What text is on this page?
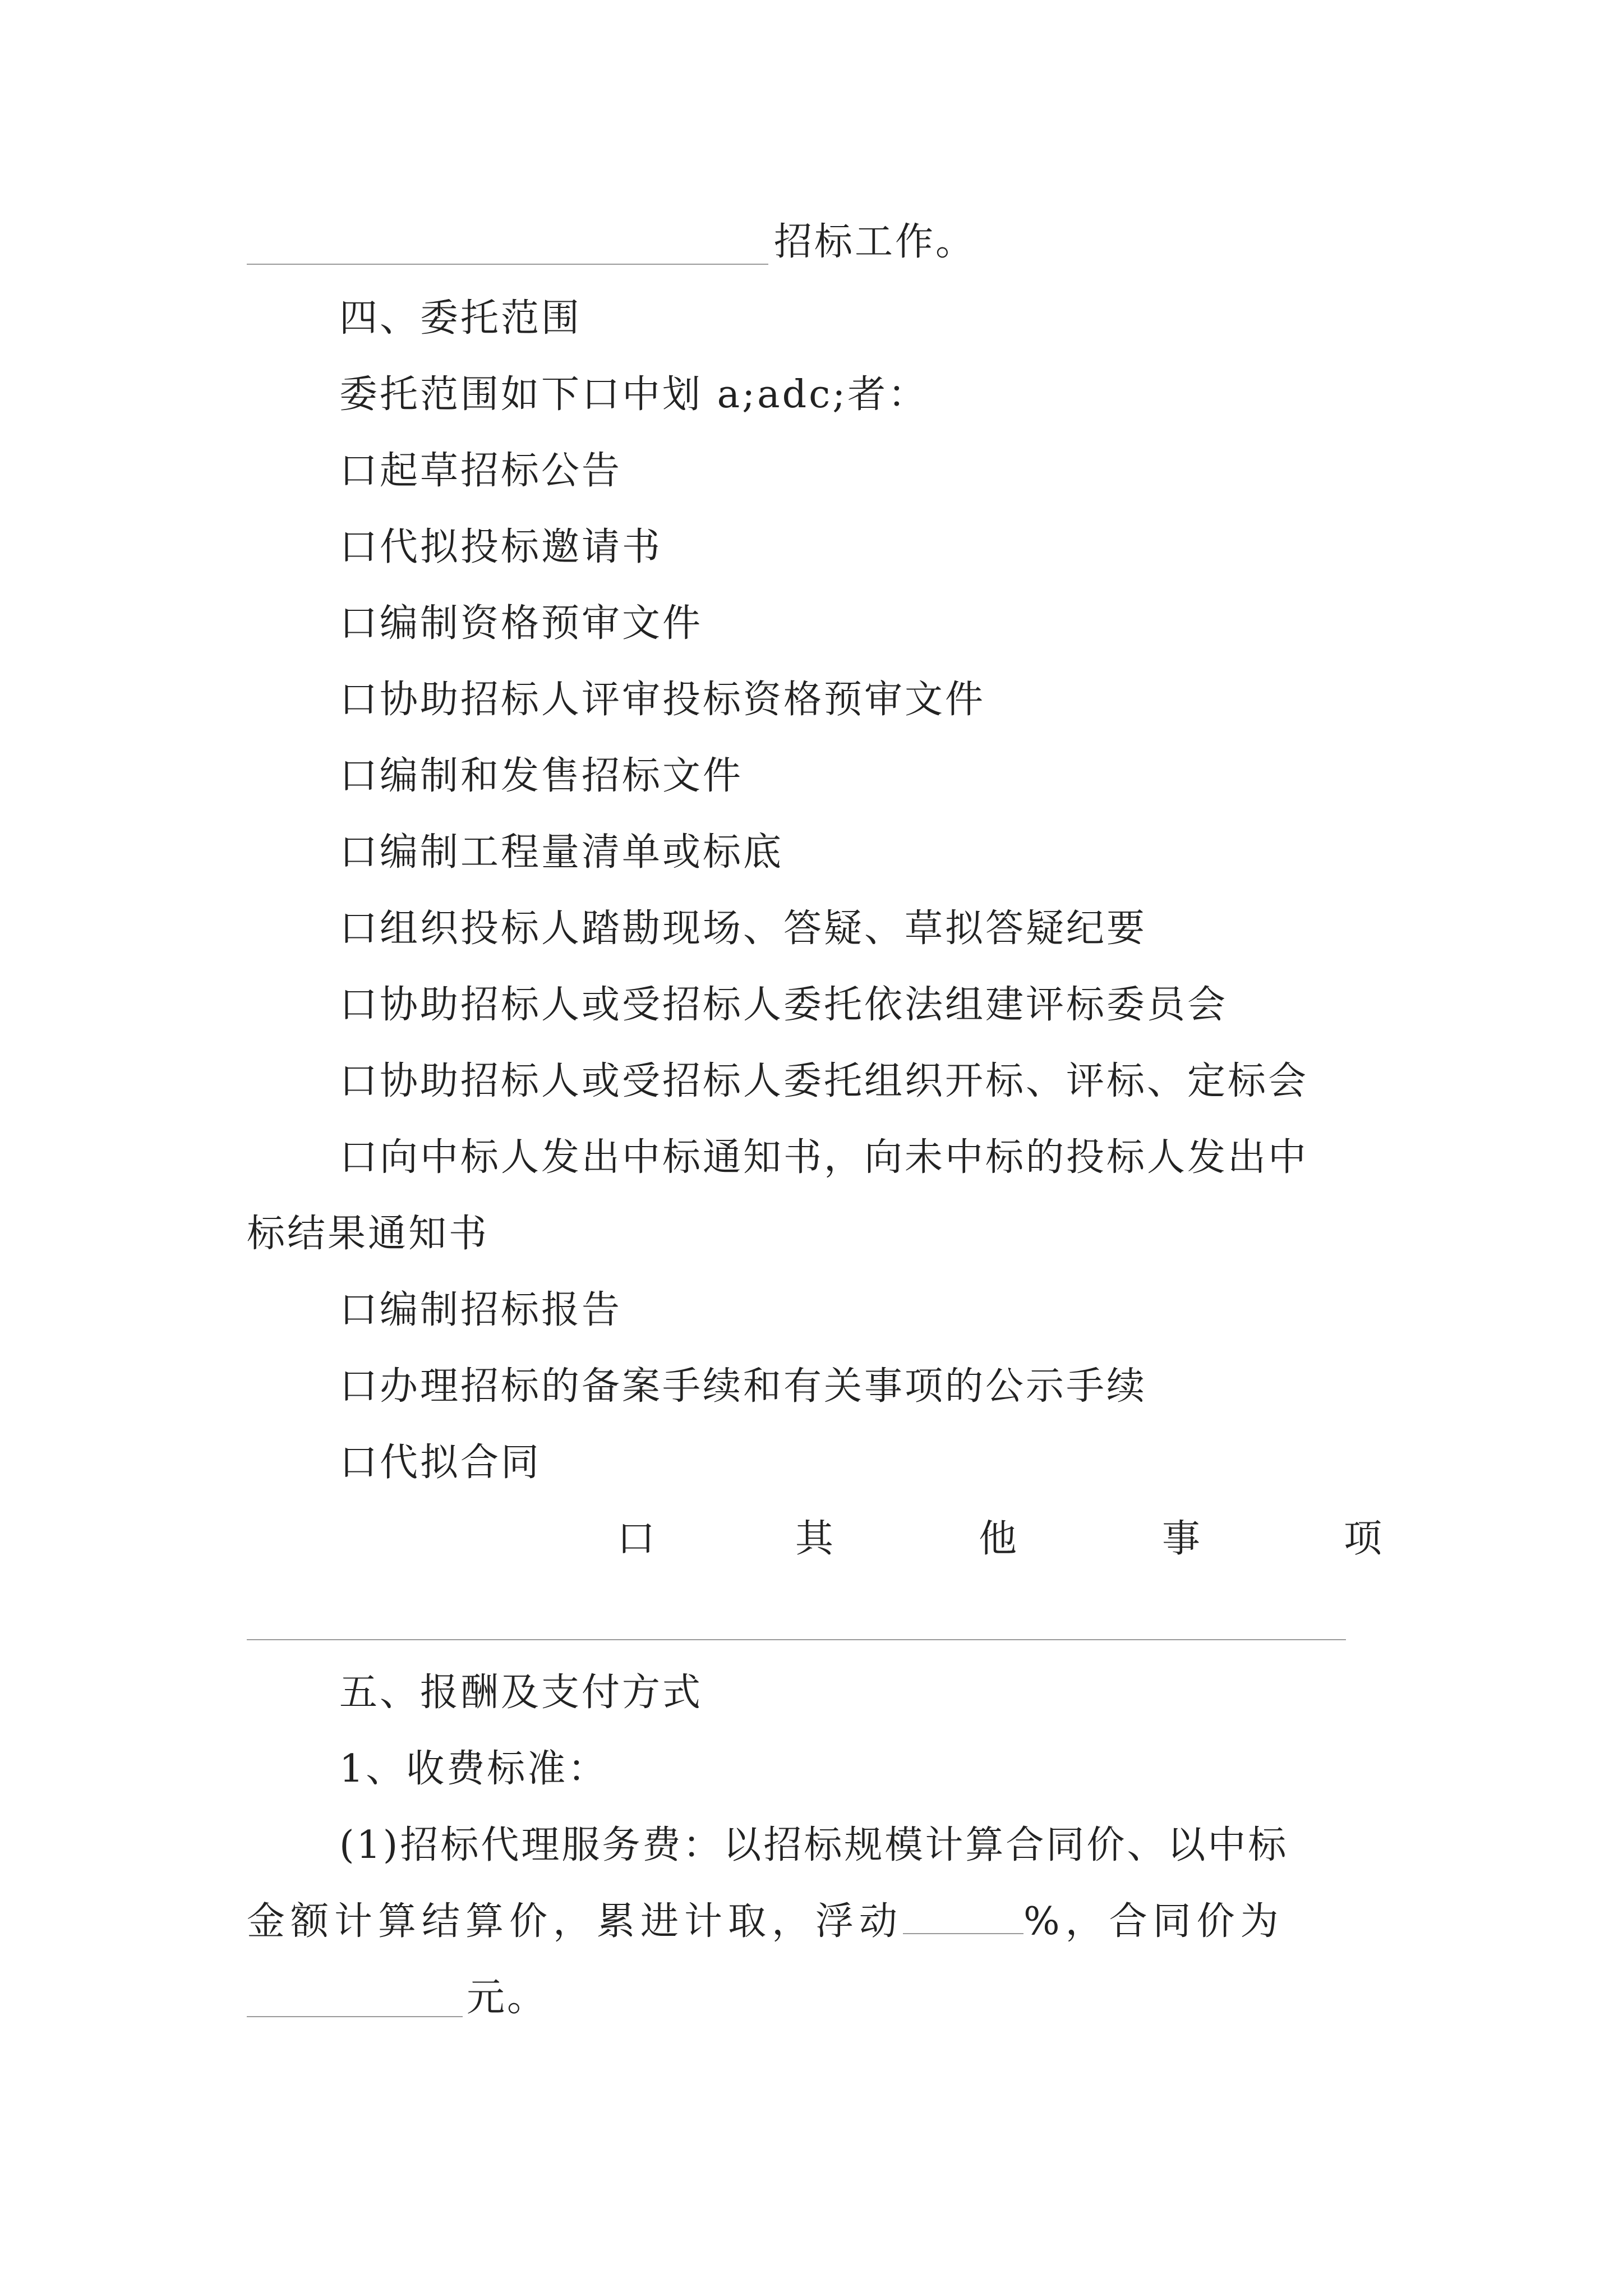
招标工作。
四、委托范围
委托范围如下口中划 a;adc;者：
口起草招标公告
口代拟投标邀请书
口编制资格预审文件
口协助招标人评审投标资格预审文件
口编制和发售招标文件
口编制工程量清单或标底
口组织投标人踏勘现场、答疑、草拟答疑纪要
口协助招标人或受招标人委托依法组建评标委员会
口协助招标人或受招标人委托组织开标、评标、定标会
口向中标人发出中标通知书，向未中标的投标人发出中
标结果通知书
口编制招标报告
口办理招标的备案手续和有关事项的公示手续
口代拟合同
口	其	他	事	项
五、报酬及支付方式
1、收费标准：
(1)招标代理服务费：以招标规模计算合同价、以中标
金额计算结算价，累进计取，浮动	%，合同价为
元。
